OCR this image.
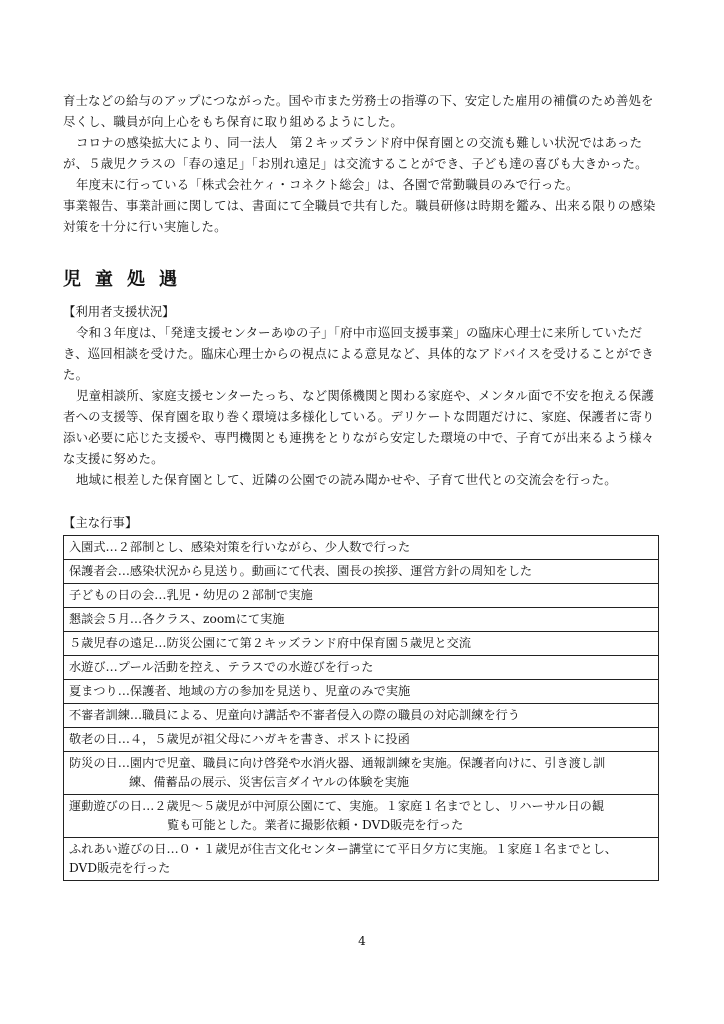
育士などの給与のアップにつながった。国や市また労務士の指導の下、安定した雇用の補償のため善処を尽くし、職員が向上心をもち保育に取り組めるようにした。

コロナの感染拡大により、同一法人　第２キッズランド府中保育園との交流も難しい状況ではあったが、５歳児クラスの「春の遠足」「お別れ遠足」は交流することができ、子ども達の喜びも大きかった。

年度末に行っている「株式会社ケィ・コネクト総会」は、各園で常勤職員のみで行った。

事業報告、事業計画に関しては、書面にて全職員で共有した。職員研修は時期を鑑み、出来る限りの感染対策を十分に行い実施した。

児童処遇

【利用者支援状況】

令和３年度は、「発達支援センターあゆの子」「府中市巡回支援事業」の臨床心理士に来所していただき、巡回相談を受けた。臨床心理士からの視点による意見など、具体的なアドバイスを受けることができた。

児童相談所、家庭支援センターたっち、など関係機関と関わる家庭や、メンタル面で不安を抱える保護者への支援等、保育園を取り巻く環境は多様化している。デリケートな問題だけに、家庭、保護者に寄り添い必要に応じた支援や、専門機関とも連携をとりながら安定した環境の中で、子育てが出来るよう様々な支援に努めた。

地域に根差した保育園として、近隣の公園での読み聞かせや、子育て世代との交流会を行った。

【主な行事】

入園式…２部制とし、感染対策を行いながら、少人数で行った
保護者会…感染状況から見送り。動画にて代表、園長の挨拶、運営方針の周知をした
子どもの日の会…乳児・幼児の２部制で実施
懇談会５月…各クラス、zoomにて実施
５歳児春の遠足…防災公園にて第２キッズランド府中保育園５歳児と交流
水遊び…プール活動を控え、テラスでの水遊びを行った
夏まつり…保護者、地域の方の参加を見送り、児童のみで実施
不審者訓練…職員による、児童向け講話や不審者侵入の際の職員の対応訓練を行う
敬老の日…４，５歳児が祖父母にハガキを書き、ポストに投函

防災の日…園内で児童、職員に向け啓発や水消火器、通報訓練を実施。保護者向けに、引き渡し訓
練、備蓄品の展示、災害伝言ダイヤルの体験を実施

運動遊びの日…２歳児～５歳児が中河原公園にて、実施。１家庭１名までとし、リハーサル日の観
覧も可能とした。業者に撮影依頼・DVD販売を行った

ふれあい遊びの日…０・１歳児が住吉文化センター講堂にて平日夕方に実施。１家庭１名までとし、
DVD販売を行った
4
